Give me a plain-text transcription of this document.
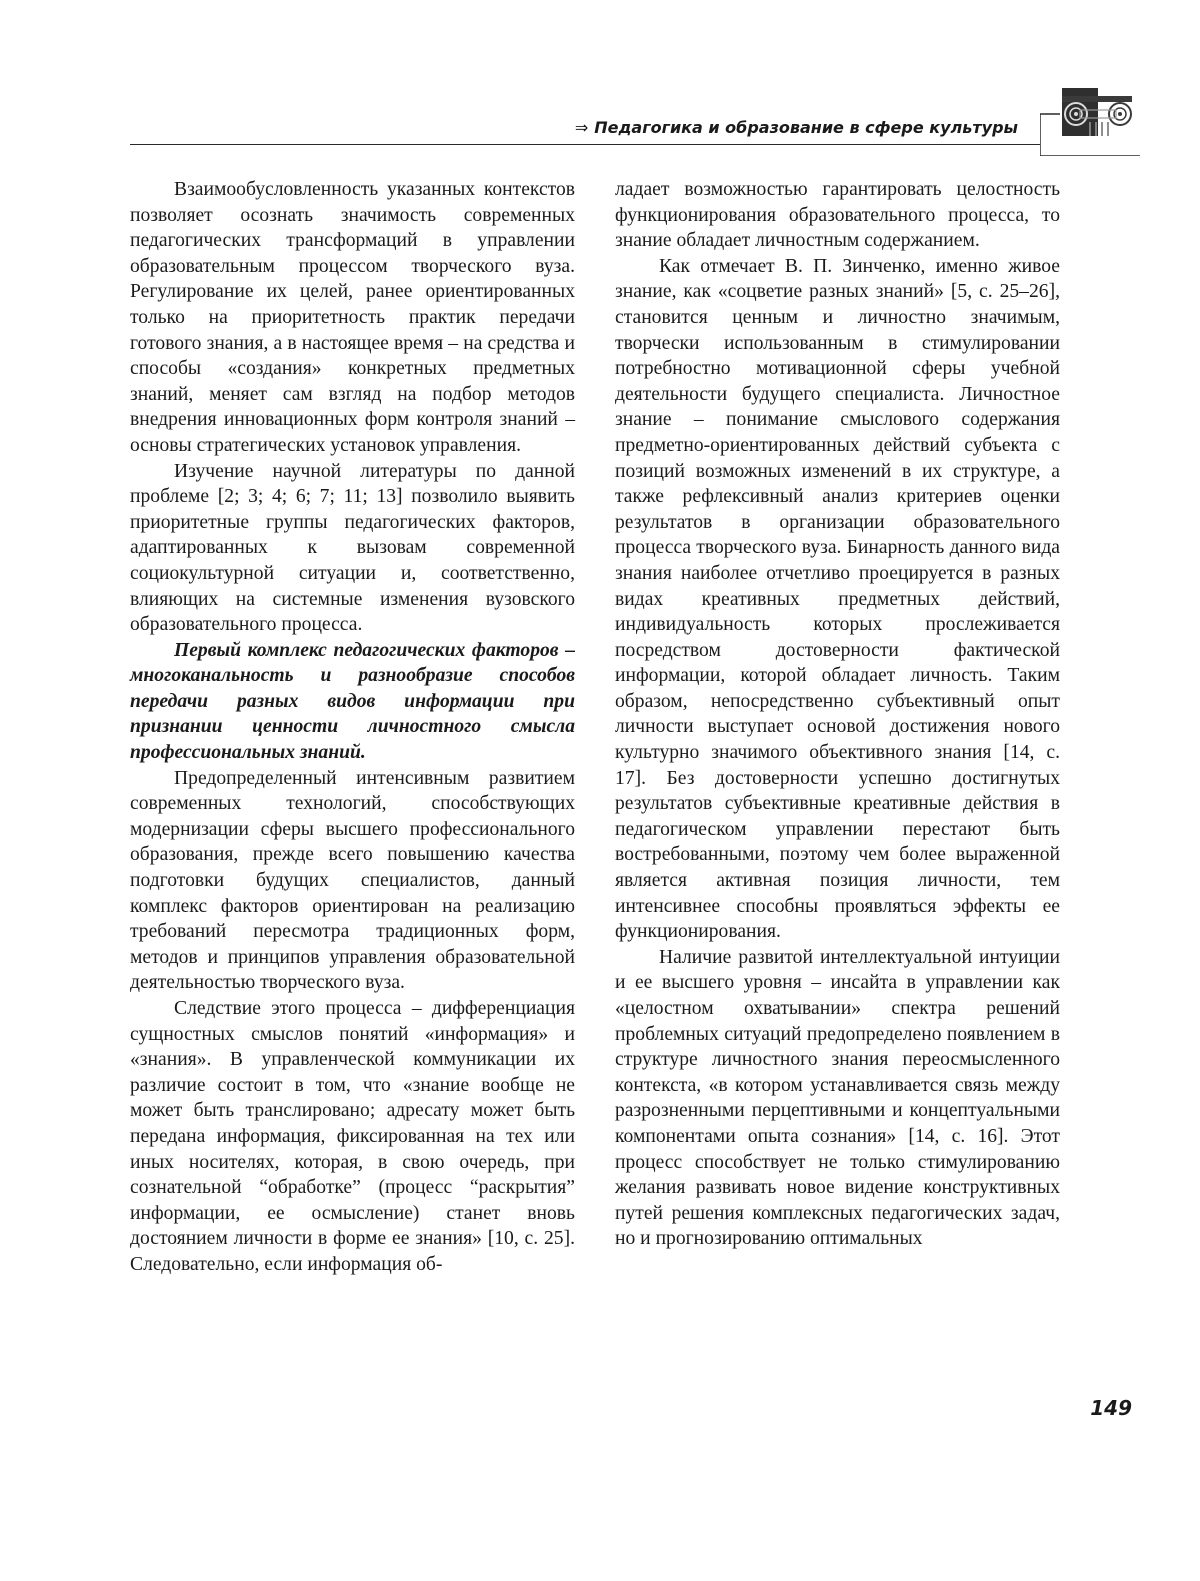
⇒ Педагогика и образование в сфере культуры

Взаимообусловленность указанных контекстов позволяет осознать значимость современных педагогических трансформаций в управлении образовательным процессом творческого вуза. Регулирование их целей, ранее ориентированных только на приоритетность практик передачи готового знания, а в настоящее время – на средства и способы «создания» конкретных предметных знаний, меняет сам взгляд на подбор методов внедрения инновационных форм контроля знаний – основы стратегических установок управления.

Изучение научной литературы по данной проблеме [2; 3; 4; 6; 7; 11; 13] позволило выявить приоритетные группы педагогических факторов, адаптированных к вызовам современной социокультурной ситуации и, соответственно, влияющих на системные изменения вузовского образовательного процесса.

Первый комплекс педагогических факторов – многоканальность и разнообразие способов передачи разных видов информации при признании ценности личностного смысла профессиональных знаний.

Предопределенный интенсивным развитием современных технологий, способствующих модернизации сферы высшего профессионального образования, прежде всего повышению качества подготовки будущих специалистов, данный комплекс факторов ориентирован на реализацию требований пересмотра традиционных форм, методов и принципов управления образовательной деятельностью творческого вуза.

Следствие этого процесса – дифференциация сущностных смыслов понятий «информация» и «знания». В управленческой коммуникации их различие состоит в том, что «знание вообще не может быть транслировано; адресату может быть передана информация, фиксированная на тех или иных носителях, которая, в свою очередь, при сознательной “обработке” (процесс “раскрытия” информации, ее осмысление) станет вновь достоянием личности в форме ее знания» [10, с. 25]. Следовательно, если информация об-

ладает возможностью гарантировать целостность функционирования образовательного процесса, то знание обладает личностным содержанием.

Как отмечает В. П. Зинченко, именно живое знание, как «соцветие разных знаний» [5, с. 25–26], становится ценным и личностно значимым, творчески использованным в стимулировании потребностно мотивационной сферы учебной деятельности будущего специалиста. Личностное знание – понимание смыслового содержания предметно-ориентированных действий субъекта с позиций возможных изменений в их структуре, а также рефлексивный анализ критериев оценки результатов в организации образовательного процесса творческого вуза. Бинарность данного вида знания наиболее отчетливо проецируется в разных видах креативных предметных действий, индивидуальность которых прослеживается посредством достоверности фактической информации, которой обладает личность. Таким образом, непосредственно субъективный опыт личности выступает основой достижения нового культурно значимого объективного знания [14, с. 17]. Без достоверности успешно достигнутых результатов субъективные креативные действия в педагогическом управлении перестают быть востребованными, поэтому чем более выраженной является активная позиция личности, тем интенсивнее способны проявляться эффекты ее функционирования.

Наличие развитой интеллектуальной интуиции и ее высшего уровня – инсайта в управлении как «целостном охватывании» спектра решений проблемных ситуаций предопределено появлением в структуре личностного знания переосмысленного контекста, «в котором устанавливается связь между разрозненными перцептивными и концептуальными компонентами опыта сознания» [14, с. 16]. Этот процесс способствует не только стимулированию желания развивать новое видение конструктивных путей решения комплексных педагогических задач, но и прогнозированию оптимальных

149
